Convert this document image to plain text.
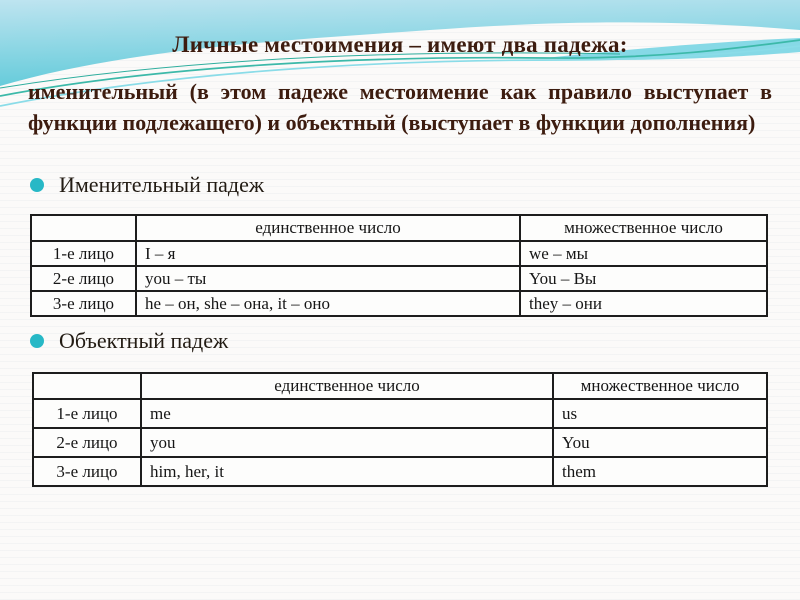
Личные местоимения – имеют два падежа:
именительный (в этом падеже местоимение как правило выступает в функции подлежащего) и объектный (выступает в функции дополнения)
Именительный падеж
	единственное число	множественное число
1-е лицо	I – я	we – мы
2-е лицо	you – ты	You – Вы
3-е лицо	he – он, she – она, it – оно	they – они
Объектный падеж
	единственное число	множественное число
1-е лицо	me	us
2-е лицо	you	You
3-е лицо	him, her, it	them
